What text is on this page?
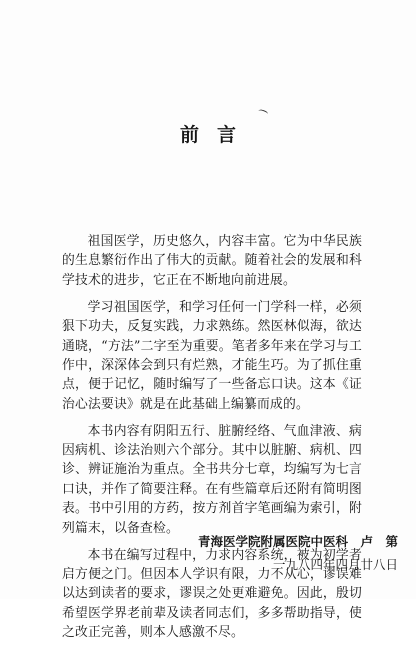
前言

祖国医学，历史悠久，内容丰富。它为中华民族的生息繁衍作出了伟大的贡献。随着社会的发展和科学技术的进步，它正在不断地向前进展。

学习祖国医学，和学习任何一门学科一样，必须狠下功夫，反复实践，力求熟练。然医林似海，欲达通晓，“方法”二字至为重要。笔者多年来在学习与工作中，深深体会到只有烂熟，才能生巧。为了抓住重点，便于记忆，随时编写了一些备忘口诀。这本《证治心法要诀》就是在此基础上编纂而成的。

本书内容有阴阳五行、脏腑经络、气血津液、病因病机、诊法治则六个部分。其中以脏腑、病机、四诊、辨证施治为重点。全书共分七章，均编写为七言口诀，并作了简要注释。在有些篇章后还附有简明图表。书中引用的方药，按方剂首字笔画编为索引，附列篇末，以备查检。

本书在编写过程中，力求内容系统，被为初学者启方便之门。但因本人学识有限，力不从心，谬误难以达到读者的要求，谬误之处更难避免。因此，殷切希望医学界老前辈及读者同志们，多多帮助指导，使之改正完善，则本人感激不尽。

青海医学院附属医院中医科　卢　第
一九八四年四月廿八日
